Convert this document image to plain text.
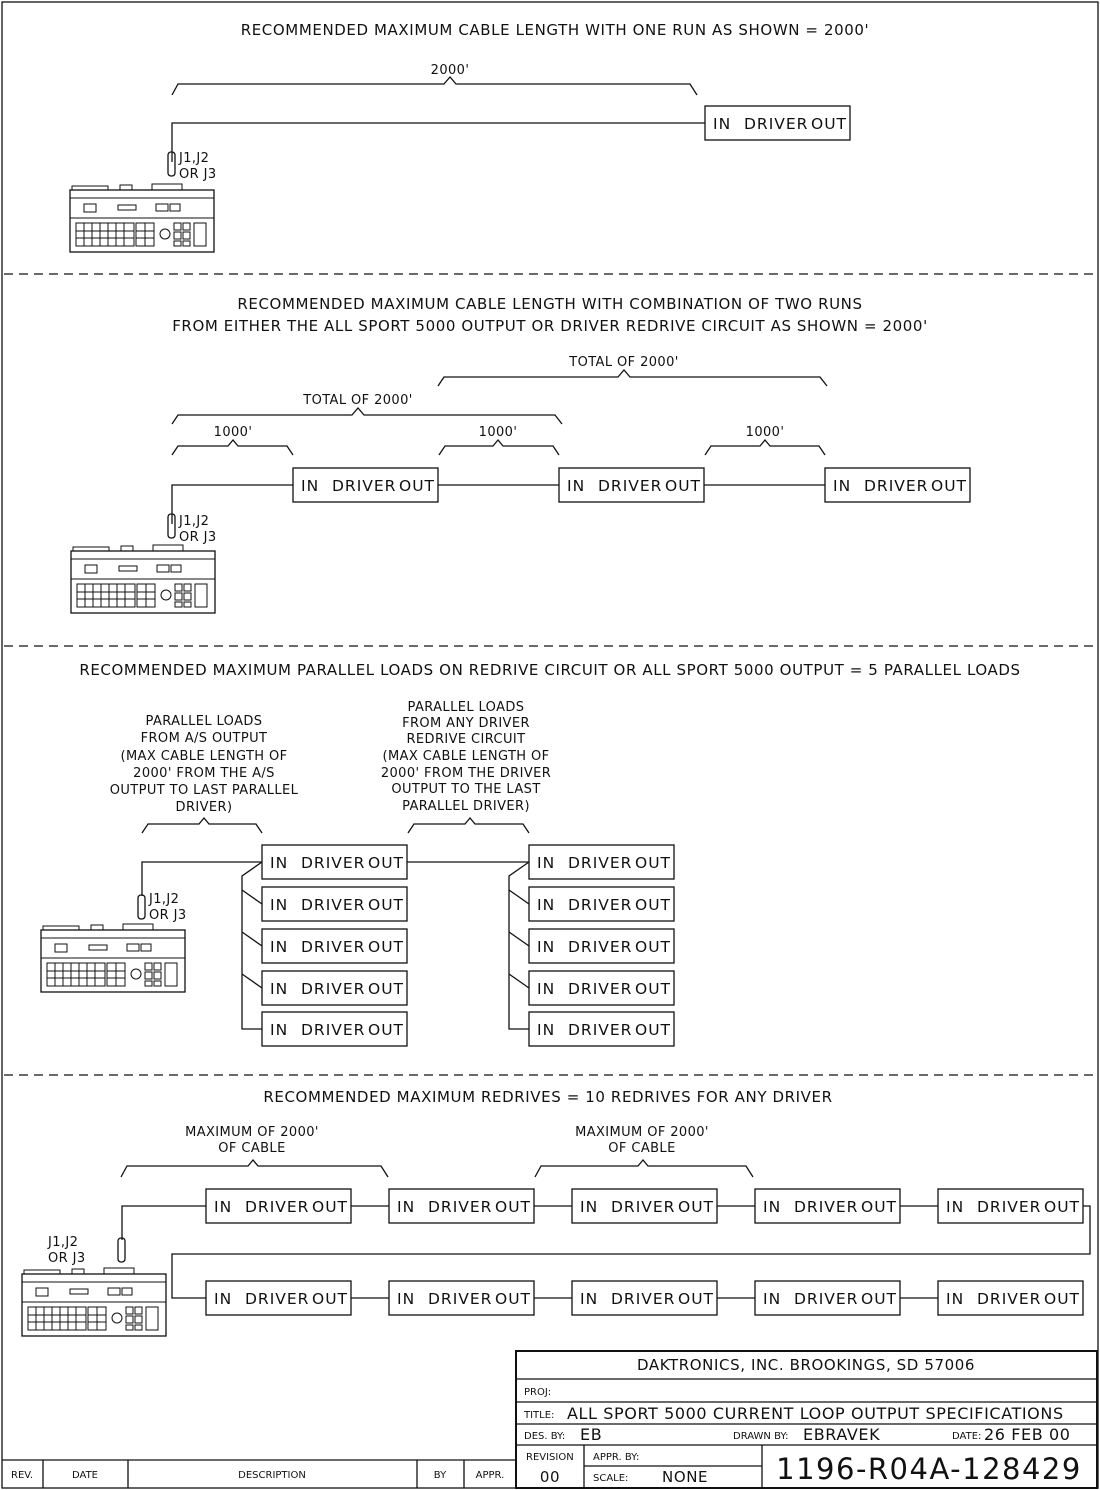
IN DRIVER OUT
RECOMMENDED MAXIMUM CABLE LENGTH WITH ONE RUN AS SHOWN = 2000'
2000'
J1,J2
OR J3
RECOMMENDED MAXIMUM CABLE LENGTH WITH COMBINATION OF TWO RUNS
FROM EITHER THE ALL SPORT 5000 OUTPUT OR DRIVER REDRIVE CIRCUIT AS SHOWN = 2000'
TOTAL OF 2000'
TOTAL OF 2000'
1000'	1000'	1000'
J1,J2
OR J3
RECOMMENDED MAXIMUM PARALLEL LOADS ON REDRIVE CIRCUIT OR ALL SPORT 5000 OUTPUT = 5 PARALLEL LOADS
PARALLEL LOADS
FROM A/S OUTPUT
(MAX CABLE LENGTH OF
2000' FROM THE A/S
OUTPUT TO LAST PARALLEL
DRIVER)
PARALLEL LOADS
FROM ANY DRIVER
REDRIVE CIRCUIT
(MAX CABLE LENGTH OF
2000' FROM THE DRIVER
OUTPUT TO THE LAST
PARALLEL DRIVER)
J1,J2
OR J3
RECOMMENDED MAXIMUM REDRIVES = 10 REDRIVES FOR ANY DRIVER
MAXIMUM OF 2000'
OF CABLE
MAXIMUM OF 2000'
OF CABLE
J1,J2
OR J3
REV.	DATE	DESCRIPTION	BY	APPR.
DAKTRONICS, INC. BROOKINGS, SD 57006
PROJ:
TITLE: ALL SPORT 5000 CURRENT LOOP OUTPUT SPECIFICATIONS
DES. BY: EB	DRAWN BY: EBRAVEK	DATE: 26 FEB 00
REVISION
00
APPR. BY:
SCALE: NONE 1196-R04A-128429
